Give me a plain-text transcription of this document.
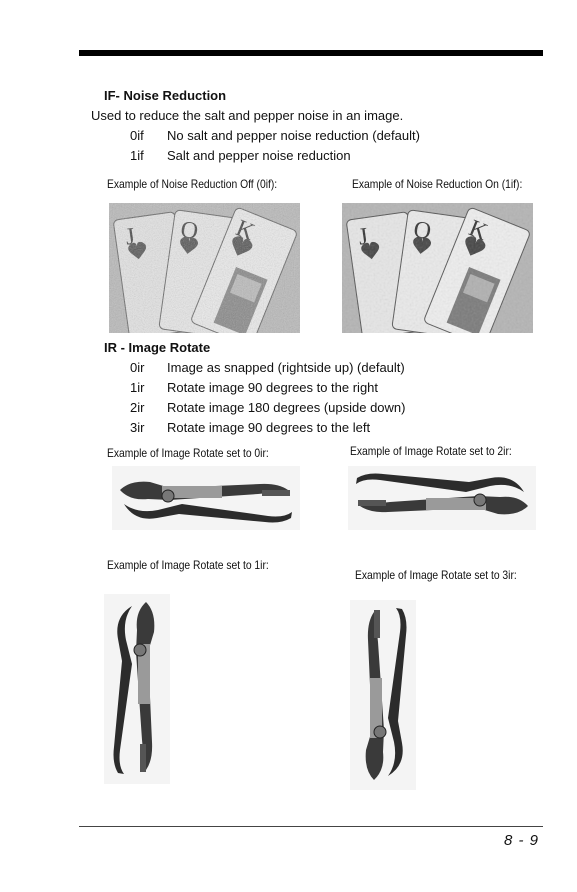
IF- Noise Reduction
Used to reduce the salt and pepper noise in an image.
0if No salt and pepper noise reduction (default)
1if Salt and pepper noise reduction
Example of Noise Reduction Off (0if):	Example of Noise Reduction On (1if):
IR - Image Rotate
0ir Image as snapped (rightside up) (default)
1ir Rotate image 90 degrees to the right
2ir Rotate image 180 degrees (upside down)
3ir Rotate image 90 degrees to the left
Example of Image Rotate set to 0ir:	Example of Image Rotate set to 2ir:
Example of Image Rotate set to 1ir:
Example of Image Rotate set to 3ir:
8 - 9
